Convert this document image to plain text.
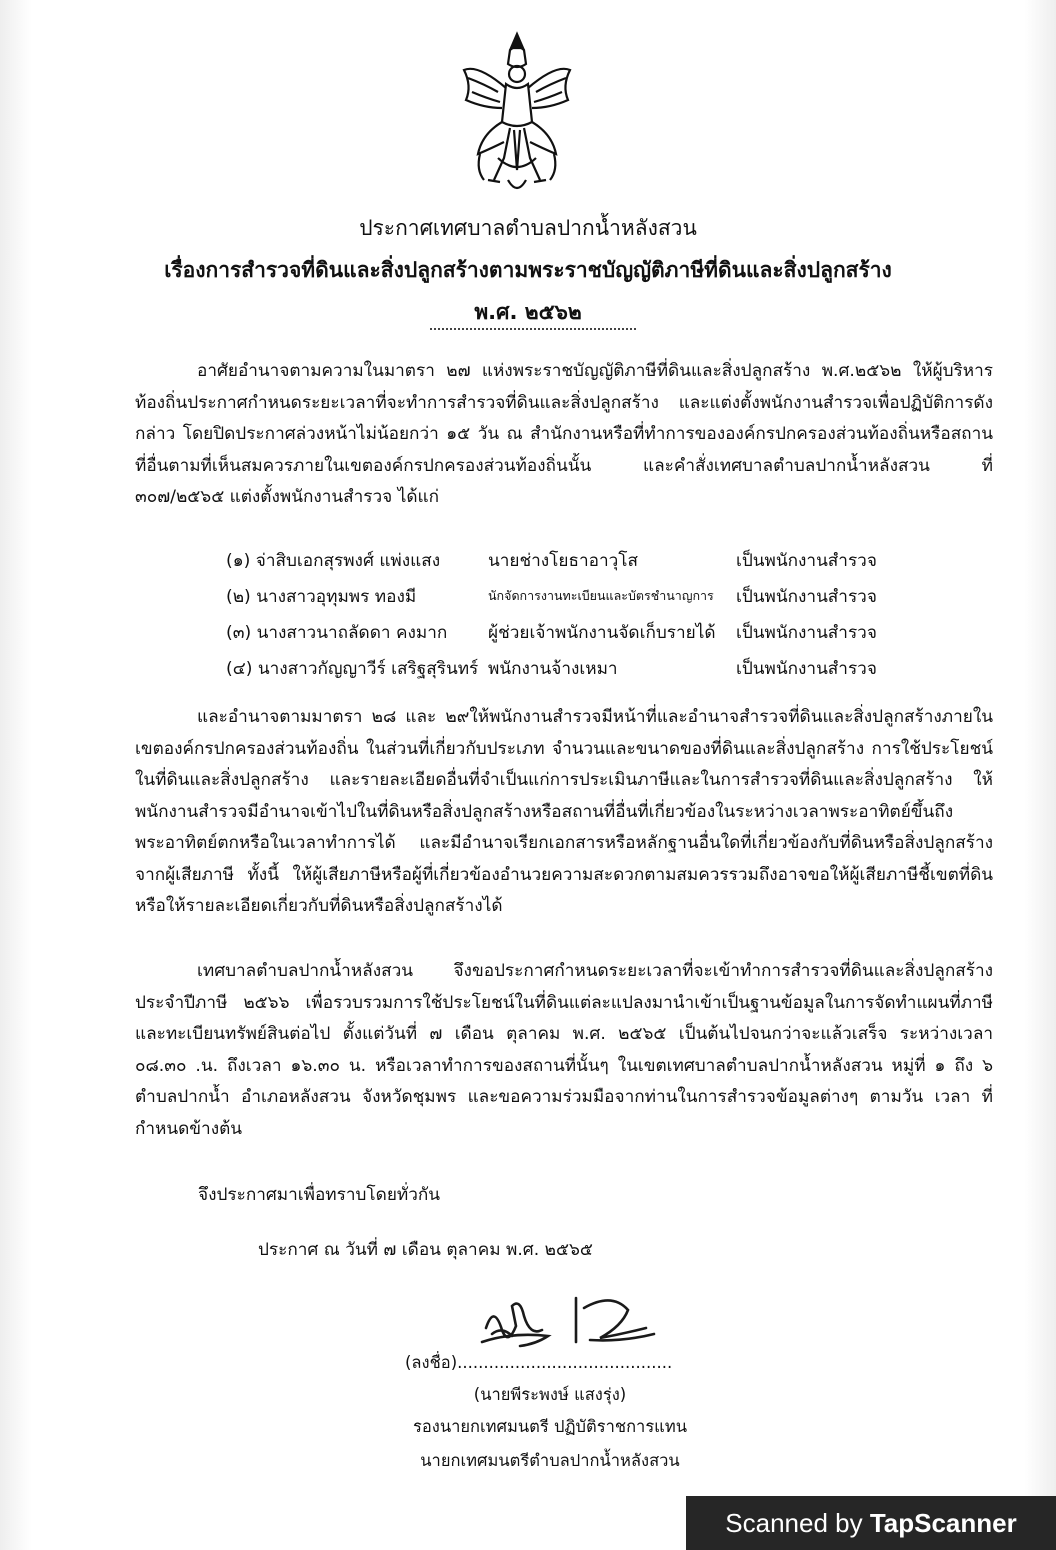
ประกาศเทศบาลตำบลปากน้ำหลังสวน
เรื่องการสำรวจที่ดินและสิ่งปลูกสร้างตามพระราชบัญญัติภาษีที่ดินและสิ่งปลูกสร้าง
พ.ศ. ๒๕๖๒

อาศัยอำนาจตามความในมาตรา ๒๗ แห่งพระราชบัญญัติภาษีที่ดินและสิ่งปลูกสร้าง พ.ศ.๒๕๖๒ ให้ผู้บริหารท้องถิ่นประกาศกำหนดระยะเวลาที่จะทำการสำรวจที่ดินและสิ่งปลูกสร้าง และแต่งตั้งพนักงานสำรวจเพื่อปฏิบัติการดังกล่าว โดยปิดประกาศล่วงหน้าไม่น้อยกว่า ๑๕ วัน ณ สำนักงานหรือที่ทำการขององค์กรปกครองส่วนท้องถิ่นหรือสถานที่อื่นตามที่เห็นสมควรภายในเขตองค์กรปกครองส่วนท้องถิ่นนั้น และคำสั่งเทศบาลตำบลปากน้ำหลังสวน ที่ ๓๐๗/๒๕๖๕ แต่งตั้งพนักงานสำรวจ ได้แก่

(๑) จ่าสิบเอกสุรพงศ์ แพ่งแสง	นายช่างโยธาอาวุโส	เป็นพนักงานสำรวจ
(๒) นางสาวอุทุมพร ทองมี	นักจัดการงานทะเบียนและบัตรชำนาญการ เป็นพนักงานสำรวจ
(๓) นางสาวนาถลัดดา คงมาก ผู้ช่วยเจ้าพนักงานจัดเก็บรายได้ เป็นพนักงานสำรวจ
(๔) นางสาวกัญญาวีร์ เสริฐสุรินทร์ พนักงานจ้างเหมา	เป็นพนักงานสำรวจ

และอำนาจตามมาตรา ๒๘ และ ๒๙ให้พนักงานสำรวจมีหน้าที่และอำนาจสำรวจที่ดินและสิ่งปลูกสร้างภายในเขตองค์กรปกครองส่วนท้องถิ่น ในส่วนที่เกี่ยวกับประเภท จำนวนและขนาดของที่ดินและสิ่งปลูกสร้าง การใช้ประโยชน์ในที่ดินและสิ่งปลูกสร้าง และรายละเอียดอื่นที่จำเป็นแก่การประเมินภาษีและในการสำรวจที่ดินและสิ่งปลูกสร้าง ให้พนักงานสำรวจมีอำนาจเข้าไปในที่ดินหรือสิ่งปลูกสร้างหรือสถานที่อื่นที่เกี่ยวข้องในระหว่างเวลาพระอาทิตย์ขึ้นถึงพระอาทิตย์ตกหรือในเวลาทำการได้ และมีอำนาจเรียกเอกสารหรือหลักฐานอื่นใดที่เกี่ยวข้องกับที่ดินหรือสิ่งปลูกสร้างจากผู้เสียภาษี ทั้งนี้ ให้ผู้เสียภาษีหรือผู้ที่เกี่ยวข้องอำนวยความสะดวกตามสมควรรวมถึงอาจขอให้ผู้เสียภาษีชี้เขตที่ดินหรือให้รายละเอียดเกี่ยวกับที่ดินหรือสิ่งปลูกสร้างได้

เทศบาลตำบลปากน้ำหลังสวน จึงขอประกาศกำหนดระยะเวลาที่จะเข้าทำการสำรวจที่ดินและสิ่งปลูกสร้างประจำปีภาษี ๒๕๖๖ เพื่อรวบรวมการใช้ประโยชน์ในที่ดินแต่ละแปลงมานำเข้าเป็นฐานข้อมูลในการจัดทำแผนที่ภาษีและทะเบียนทรัพย์สินต่อไป ตั้งแต่วันที่ ๗ เดือน ตุลาคม พ.ศ. ๒๕๖๕ เป็นต้นไปจนกว่าจะแล้วเสร็จ ระหว่างเวลา ๐๘.๓๐ .น. ถึงเวลา ๑๖.๓๐ น. หรือเวลาทำการของสถานที่นั้นๆ ในเขตเทศบาลตำบลปากน้ำหลังสวน หมู่ที่ ๑ ถึง ๖ ตำบลปากน้ำ อำเภอหลังสวน จังหวัดชุมพร และขอความร่วมมือจากท่านในการสำรวจข้อมูลต่างๆ ตามวัน เวลา ที่กำหนดข้างต้น

จึงประกาศมาเพื่อทราบโดยทั่วกัน
ประกาศ ณ วันที่ ๗ เดือน ตุลาคม พ.ศ. ๒๕๖๕
(ลงชื่อ).........................................
(นายพีระพงษ์ แสงรุ่ง)
รองนายกเทศมนตรี ปฏิบัติราชการแทน
นายกเทศมนตรีตำบลปากน้ำหลังสวน
Scanned by TapScanner
